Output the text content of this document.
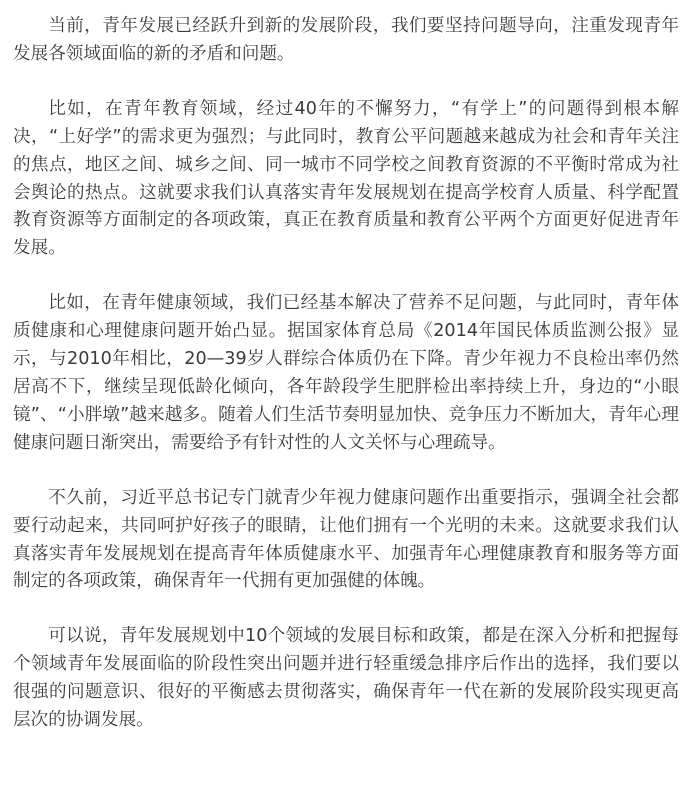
当前，青年发展已经跃升到新的发展阶段，我们要坚持问题导向，注重发现青年发展各领域面临的新的矛盾和问题。

比如，在青年教育领域，经过40年的不懈努力，“有学上”的问题得到根本解决，“上好学”的需求更为强烈；与此同时，教育公平问题越来越成为社会和青年关注的焦点，地区之间、城乡之间、同一城市不同学校之间教育资源的不平衡时常成为社会舆论的热点。这就要求我们认真落实青年发展规划在提高学校育人质量、科学配置教育资源等方面制定的各项政策，真正在教育质量和教育公平两个方面更好促进青年发展。

比如，在青年健康领域，我们已经基本解决了营养不足问题，与此同时，青年体质健康和心理健康问题开始凸显。据国家体育总局《2014年国民体质监测公报》显示，与2010年相比，20—39岁人群综合体质仍在下降。青少年视力不良检出率仍然居高不下，继续呈现低龄化倾向，各年龄段学生肥胖检出率持续上升，身边的“小眼镜”、“小胖墩”越来越多。随着人们生活节奏明显加快、竞争压力不断加大，青年心理健康问题日渐突出，需要给予有针对性的人文关怀与心理疏导。

不久前，习近平总书记专门就青少年视力健康问题作出重要指示，强调全社会都要行动起来，共同呵护好孩子的眼睛，让他们拥有一个光明的未来。这就要求我们认真落实青年发展规划在提高青年体质健康水平、加强青年心理健康教育和服务等方面制定的各项政策，确保青年一代拥有更加强健的体魄。

可以说，青年发展规划中10个领域的发展目标和政策，都是在深入分析和把握每个领域青年发展面临的阶段性突出问题并进行轻重缓急排序后作出的选择，我们要以很强的问题意识、很好的平衡感去贯彻落实，确保青年一代在新的发展阶段实现更高层次的协调发展。
